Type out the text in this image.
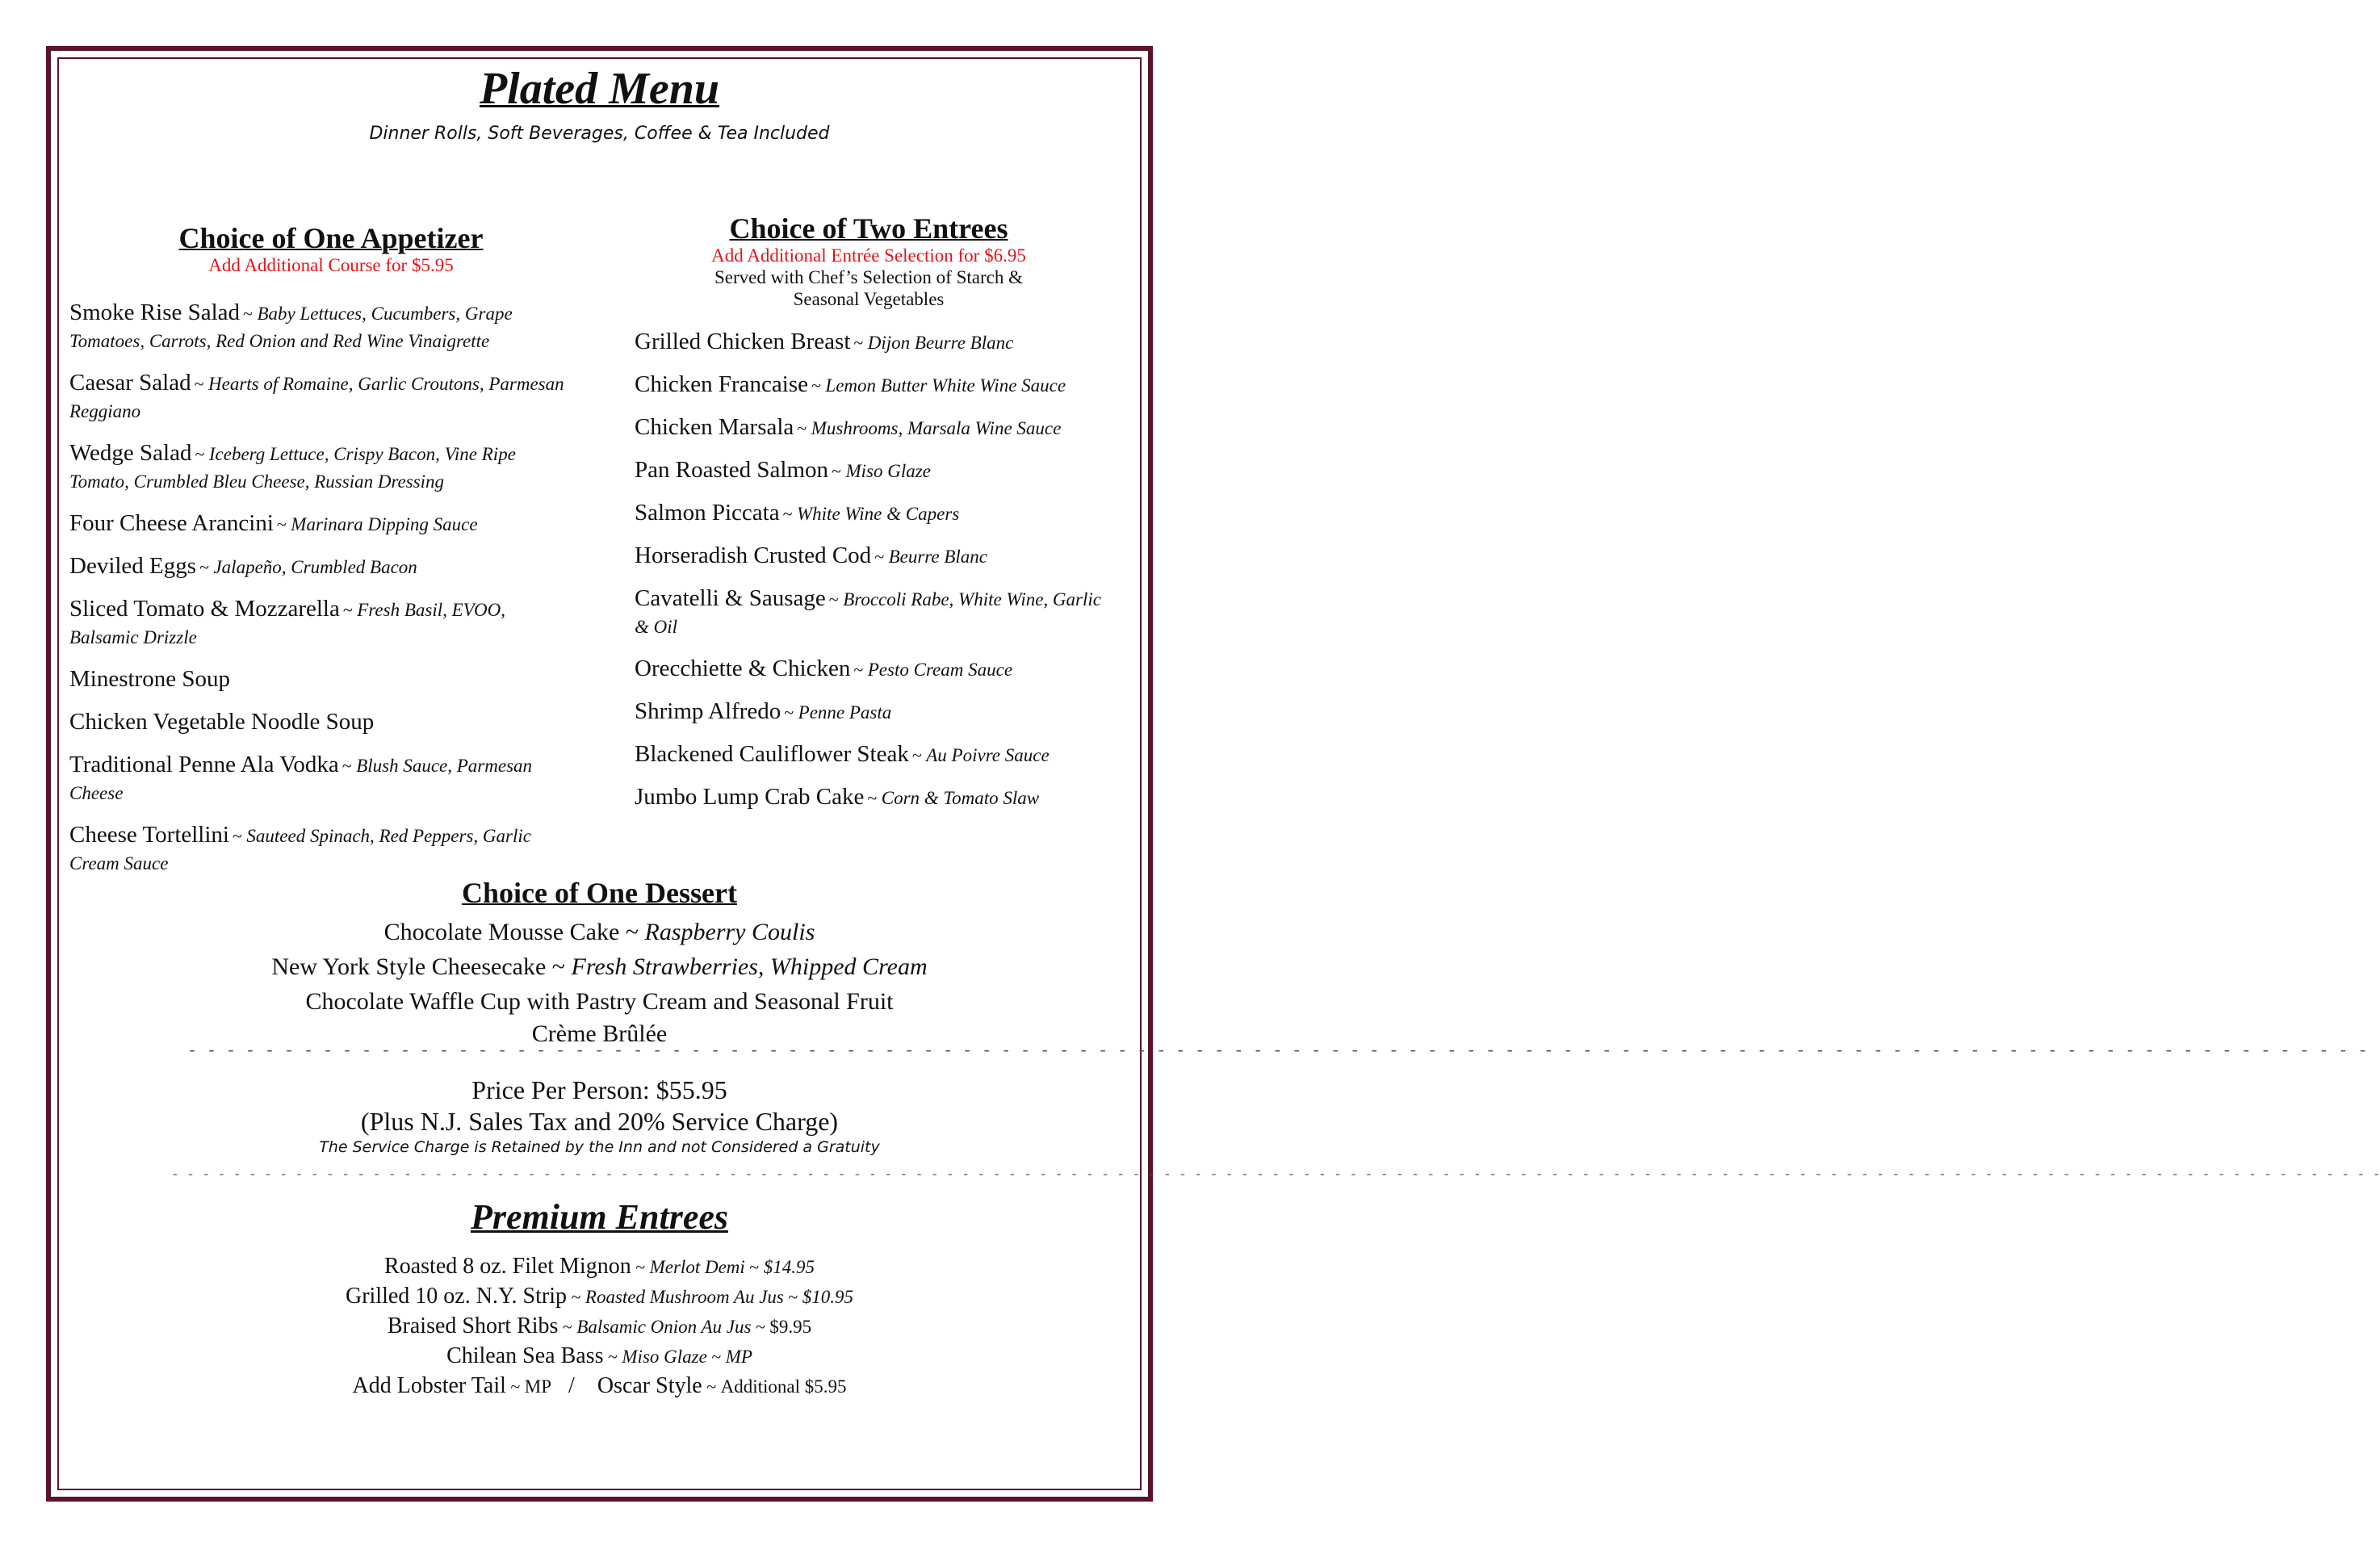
Plated Menu
Dinner Rolls, Soft Beverages, Coffee & Tea Included
Choice of One Appetizer
Add Additional Course for $5.95
Smoke Rise Salad ~ Baby Lettuces, Cucumbers, Grape Tomatoes, Carrots, Red Onion and Red Wine Vinaigrette
Caesar Salad ~ Hearts of Romaine, Garlic Croutons, Parmesan Reggiano
Wedge Salad ~ Iceberg Lettuce, Crispy Bacon, Vine Ripe Tomato, Crumbled Bleu Cheese, Russian Dressing
Four Cheese Arancini ~ Marinara Dipping Sauce
Deviled Eggs ~ Jalapeño, Crumbled Bacon
Sliced Tomato & Mozzarella ~ Fresh Basil, EVOO, Balsamic Drizzle
Minestrone Soup
Chicken Vegetable Noodle Soup
Traditional Penne Ala Vodka ~ Blush Sauce, Parmesan Cheese
Cheese Tortellini ~ Sauteed Spinach, Red Peppers, Garlic Cream Sauce
Choice of Two Entrees
Add Additional Entrée Selection for $6.95
Served with Chef’s Selection of Starch & Seasonal Vegetables
Grilled Chicken Breast ~ Dijon Beurre Blanc
Chicken Francaise ~ Lemon Butter White Wine Sauce
Chicken Marsala ~ Mushrooms, Marsala Wine Sauce
Pan Roasted Salmon ~ Miso Glaze
Salmon Piccata ~ White Wine & Capers
Horseradish Crusted Cod ~ Beurre Blanc
Cavatelli & Sausage ~ Broccoli Rabe, White Wine, Garlic & Oil
Orecchiette & Chicken ~ Pesto Cream Sauce
Shrimp Alfredo ~ Penne Pasta
Blackened Cauliflower Steak ~ Au Poivre Sauce
Jumbo Lump Crab Cake ~ Corn & Tomato Slaw
Choice of One Dessert
Chocolate Mousse Cake ~ Raspberry Coulis
New York Style Cheesecake ~ Fresh Strawberries, Whipped Cream
Chocolate Waffle Cup with Pastry Cream and Seasonal Fruit
Crème Brûlée
- - - - - - - - - - - - - - - - - - - - - - - - - - - - - - - - - - - - - - - - - - - - - - - - - - - - - - - - - - - - - - - - - - - - - - - - - - - - - - - - - - - - - - - - - - - - - - - - - - - - - - - - - - - - - - - - -
Price Per Person: $55.95
(Plus N.J. Sales Tax and 20% Service Charge)
The Service Charge is Retained by the Inn and not Considered a Gratuity
- - - - - - - - - - - - - - - - - - - - - - - - - - - - - - - - - - - - - - - - - - - - - - - - - - - - - - - - - - - - - - - - - - - - - - - - - - - - - - - - - - - - - - - - - - - - - - - - - - - - - - - - - - - - - - - - - - - - - - - - - - - - - - - - - - - - - - - - - - - - - - -
Premium Entrees
Roasted 8 oz. Filet Mignon ~ Merlot Demi ~ $14.95
Grilled 10 oz. N.Y. Strip ~ Roasted Mushroom Au Jus ~ $10.95
Braised Short Ribs ~ Balsamic Onion Au Jus ~ $9.95
Chilean Sea Bass ~ Miso Glaze ~ MP
Add Lobster Tail ~ MP / Oscar Style ~ Additional $5.95
